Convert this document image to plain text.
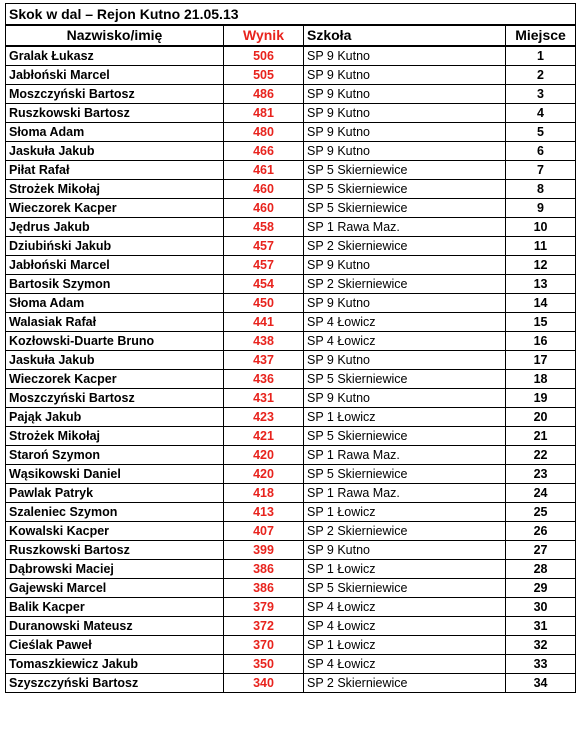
Skok w dal – Rejon Kutno 21.05.13			
Nazwisko/imię	Wynik	Szkoła	Miejsce
Gralak Łukasz	506	SP 9 Kutno	1
Jabłoński Marcel	505	SP 9 Kutno	2
Moszczyński Bartosz	486	SP 9 Kutno	3
Ruszkowski Bartosz	481	SP 9 Kutno	4
Słoma Adam	480	SP 9 Kutno	5
Jaskuła Jakub	466	SP 9 Kutno	6
Piłat Rafał	461	SP 5 Skierniewice	7
Strożek Mikołaj	460	SP 5 Skierniewice	8
Wieczorek Kacper	460	SP 5 Skierniewice	9
Jędrus Jakub	458	SP 1 Rawa Maz.	10
Dziubiński Jakub	457	SP 2 Skierniewice	11
Jabłoński Marcel	457	SP 9 Kutno	12
Bartosik Szymon	454	SP 2 Skierniewice	13
Słoma Adam	450	SP 9 Kutno	14
Walasiak Rafał	441	SP 4 Łowicz	15
Kozłowski-Duarte Bruno	438	SP 4 Łowicz	16
Jaskuła Jakub	437	SP 9 Kutno	17
Wieczorek Kacper	436	SP 5 Skierniewice	18
Moszczyński Bartosz	431	SP 9 Kutno	19
Pająk Jakub	423	SP 1 Łowicz	20
Strożek Mikołaj	421	SP 5 Skierniewice	21
Staroń Szymon	420	SP 1 Rawa Maz.	22
Wąsikowski Daniel	420	SP 5 Skierniewice	23
Pawlak Patryk	418	SP 1 Rawa Maz.	24
Szaleniec Szymon	413	SP 1 Łowicz	25
Kowalski Kacper	407	SP 2 Skierniewice	26
Ruszkowski Bartosz	399	SP 9 Kutno	27
Dąbrowski Maciej	386	SP 1 Łowicz	28
Gajewski Marcel	386	SP 5 Skierniewice	29
Balik Kacper	379	SP 4 Łowicz	30
Duranowski Mateusz	372	SP 4 Łowicz	31
Cieślak Paweł	370	SP 1 Łowicz	32
Tomaszkiewicz Jakub	350	SP 4 Łowicz	33
Szyszczyński Bartosz	340	SP 2 Skierniewice	34
